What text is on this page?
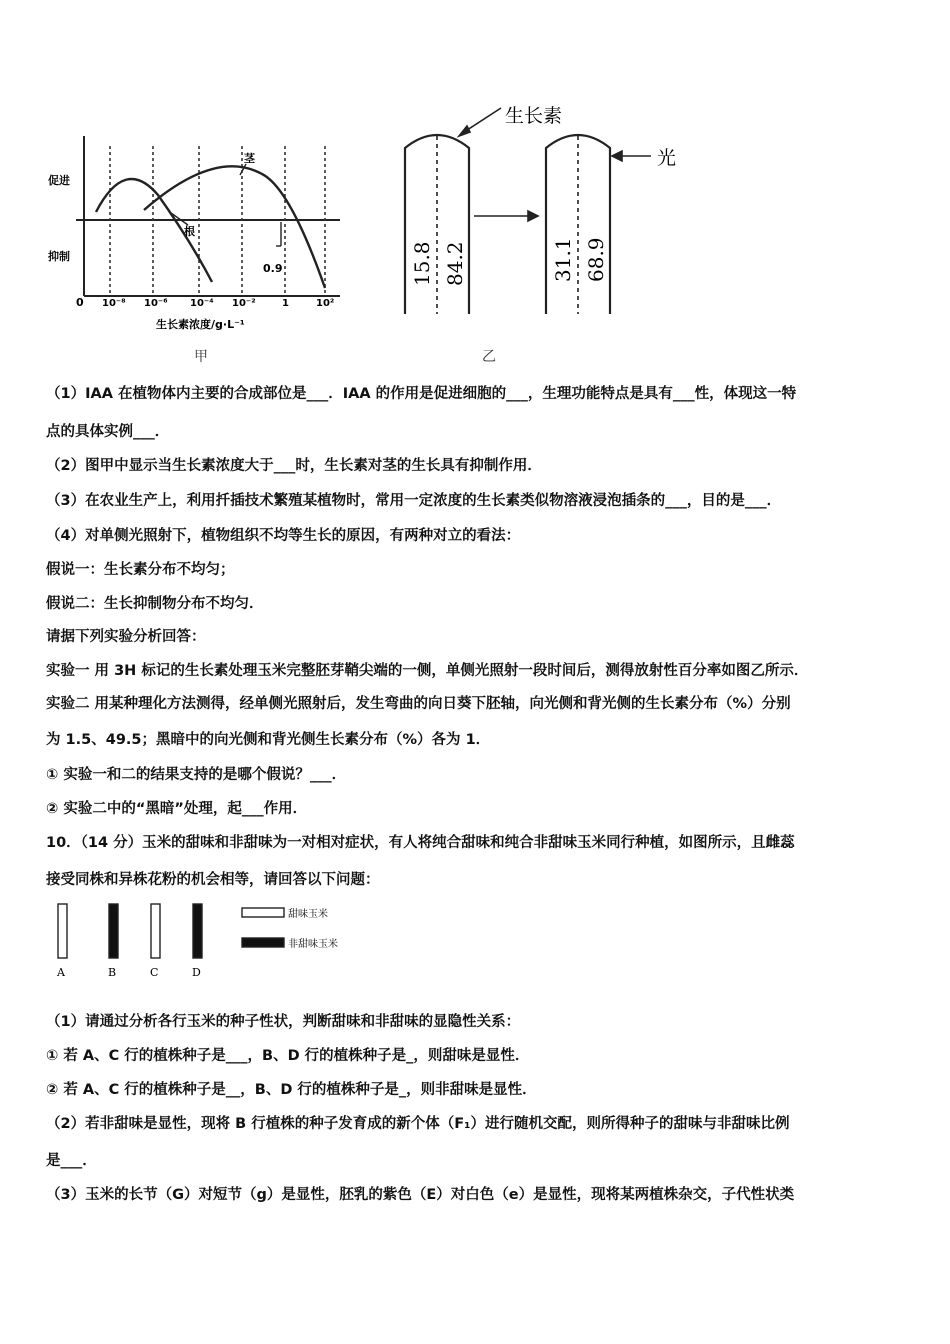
促进
抑制
0 10⁻⁸ 10⁻⁶ 10⁻⁴ 10⁻²	1	10²
生长素浓度/g·L⁻¹
根
茎
0.9
甲
生长素
光
15.8 84.2	31.1 68.9
乙
（1）IAA 在植物体内主要的合成部位是___．IAA 的作用是促进细胞的___，生理功能特点是具有___性，体现这一特
点的具体实例___．
（2）图甲中显示当生长素浓度大于___时，生长素对茎的生长具有抑制作用．
（3）在农业生产上，利用扦插技术繁殖某植物时，常用一定浓度的生长素类似物溶液浸泡插条的___，目的是___．
（4）对单侧光照射下，植物组织不均等生长的原因，有两种对立的看法：
假说一：生长素分布不均匀；
假说二：生长抑制物分布不均匀．
请据下列实验分析回答：
实验一 用 3H 标记的生长素处理玉米完整胚芽鞘尖端的一侧，单侧光照射一段时间后，测得放射性百分率如图乙所示．
实验二 用某种理化方法测得，经单侧光照射后，发生弯曲的向日葵下胚轴，向光侧和背光侧的生长素分布（%）分别
为 1.5、49.5；黑暗中的向光侧和背光侧生长素分布（%）各为 1．
① 实验一和二的结果支持的是哪个假说？___．
② 实验二中的“黑暗”处理，起___作用．
10．（14 分）玉米的甜味和非甜味为一对相对症状，有人将纯合甜味和纯合非甜味玉米同行种植，如图所示，且雌蕊
接受同株和异株花粉的机会相等，请回答以下问题：
A	B	C	D
甜味玉米
非甜味玉米
（1）请通过分析各行玉米的种子性状，判断甜味和非甜味的显隐性关系：
① 若 A、C 行的植株种子是___，B、D 行的植株种子是_，则甜味是显性．
② 若 A、C 行的植株种子是__，B、D 行的植株种子是_，则非甜味是显性．
（2）若非甜味是显性，现将 B 行植株的种子发育成的新个体（F₁）进行随机交配，则所得种子的甜味与非甜味比例
是___．
（3）玉米的长节（G）对短节（g）是显性，胚乳的紫色（E）对白色（e）是显性，现将某两植株杂交，子代性状类
